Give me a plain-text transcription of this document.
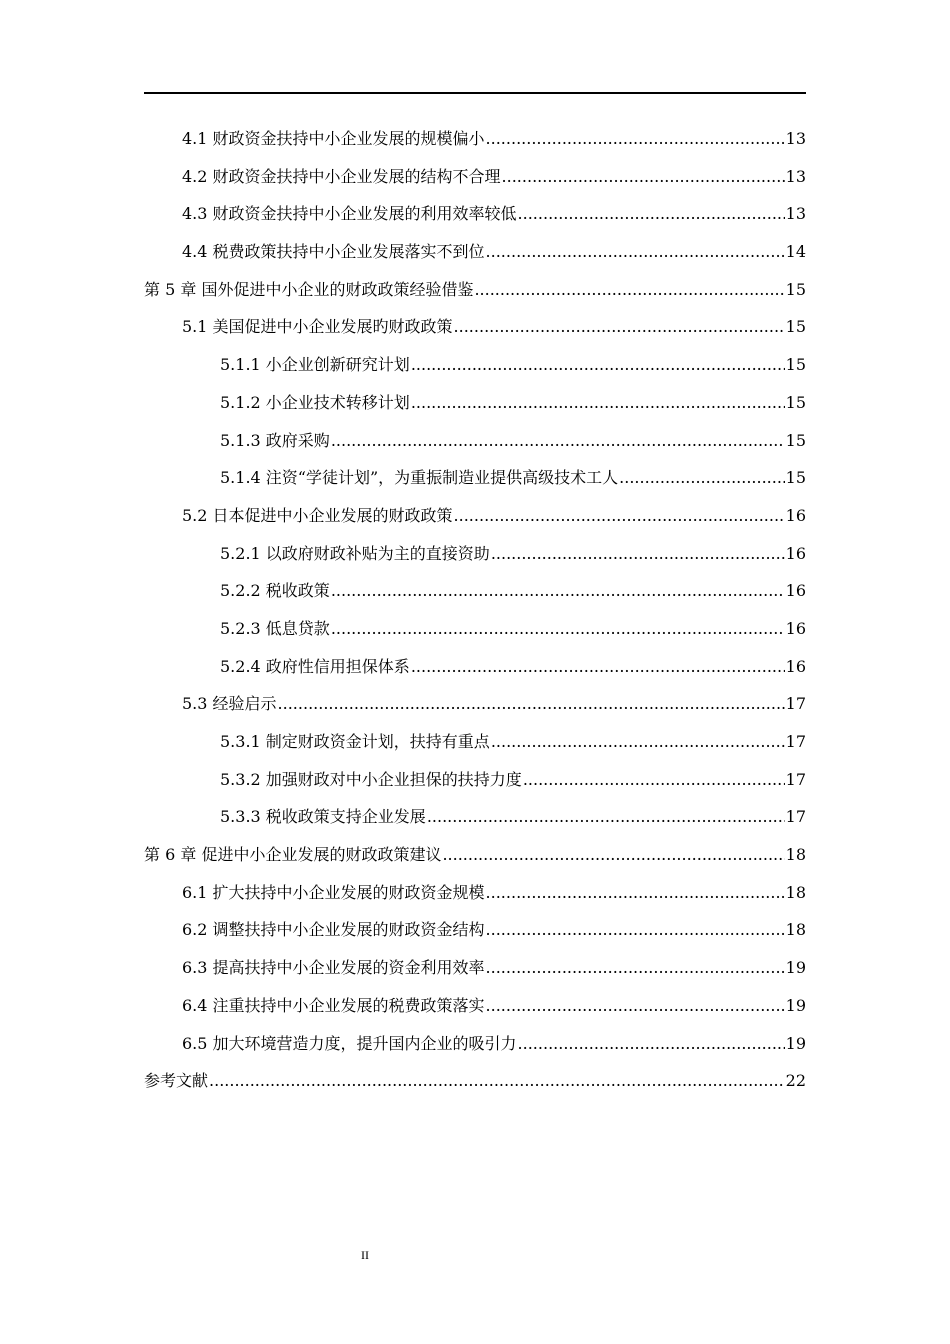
4.1 财政资金扶持中小企业发展的规模偏小 .....	13
4.2 财政资金扶持中小企业发展的结构不合理 .....	13
4.3 财政资金扶持中小企业发展的利用效率较低 .....	13
4.4 税费政策扶持中小企业发展落实不到位 .....	14
第 5 章 国外促进中小企业的财政政策经验借鉴 .....	15
5.1 美国促进中小企业发展旳财政政策 .....	15
5.1.1 小企业创新研究计划 .....	15
5.1.2 小企业技术转移计划 .....	15
5.1.3 政府采购 .....	15
5.1.4 注资“学徒计划”，为重振制造业提供高级技术工人 .....	15
5.2 日本促进中小企业发展的财政政策 .....	16
5.2.1 以政府财政补贴为主的直接资助 .....	16
5.2.2 税收政策 .....	16
5.2.3 低息贷款 .....	16
5.2.4 政府性信用担保体系 .....	16
5.3 经验启示 .....	17
5.3.1 制定财政资金计划，扶持有重点 .....	17
5.3.2 加强财政对中小企业担保的扶持力度 .....	17
5.3.3 税收政策支持企业发展 .....	17
第 6 章 促进中小企业发展的财政政策建议 .....	18
6.1 扩大扶持中小企业发展的财政资金规模 .....	18
6.2 调整扶持中小企业发展的财政资金结构 .....	18
6.3 提高扶持中小企业发展的资金利用效率 .....	19
6.4 注重扶持中小企业发展的税费政策落实 .....	19
6.5 加大环境营造力度，提升国内企业的吸引力 .....	19
参考文献 .....	22
II
